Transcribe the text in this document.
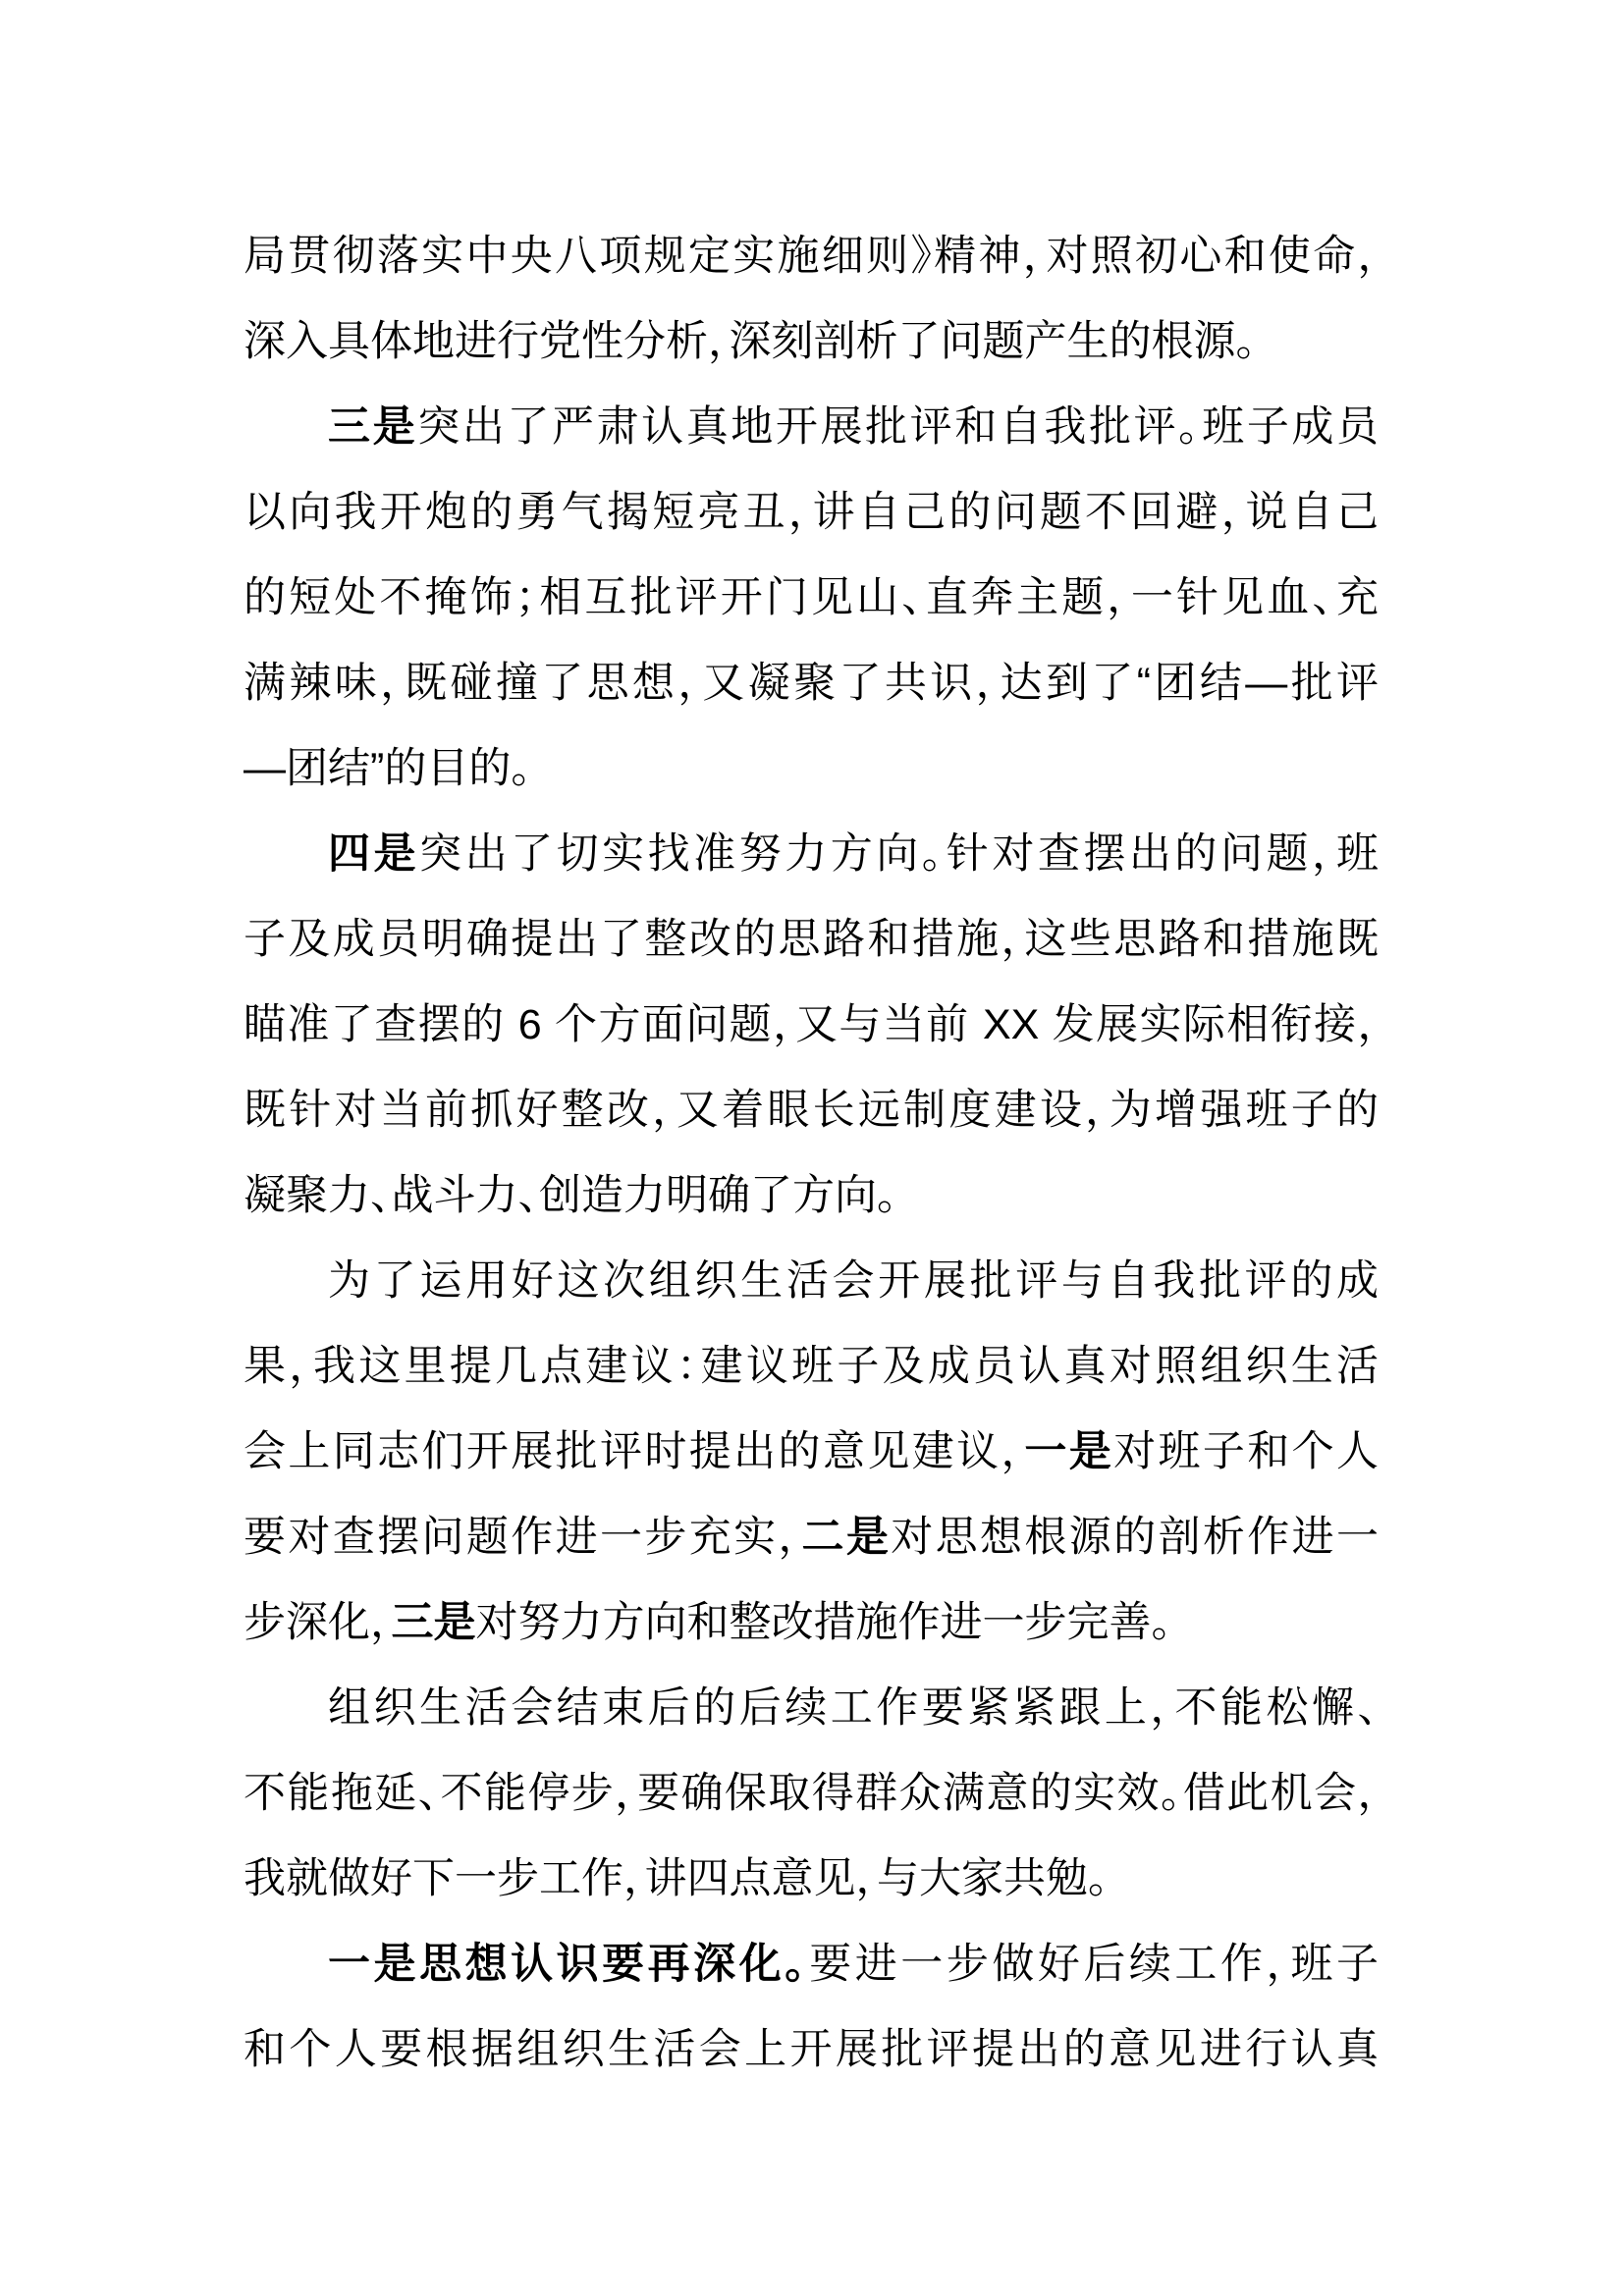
局贯彻落实中央八项规定实施细则》精神，对照初心和使命，
深入具体地进行党性分析，深刻剖析了问题产生的根源。
三是突出了严肃认真地开展批评和自我批评。班子成员
以向我开炮的勇气揭短亮丑，讲自己的问题不回避，说自己
的短处不掩饰；相互批评开门见山、直奔主题，一针见血、充
满辣味，既碰撞了思想，又凝聚了共识，达到了“团结—批评
—团结”的目的。
四是突出了切实找准努力方向。针对查摆出的问题，班
子及成员明确提出了整改的思路和措施，这些思路和措施既
瞄准了查摆的 6 个方面问题，又与当前 XX 发展实际相衔接，
既针对当前抓好整改，又着眼长远制度建设，为增强班子的
凝聚力、战斗力、创造力明确了方向。
为了运用好这次组织生活会开展批评与自我批评的成
果，我这里提几点建议：建议班子及成员认真对照组织生活
会上同志们开展批评时提出的意见建议，一是对班子和个人
要对查摆问题作进一步充实，二是对思想根源的剖析作进一
步深化，三是对努力方向和整改措施作进一步完善。
组织生活会结束后的后续工作要紧紧跟上，不能松懈、
不能拖延、不能停步，要确保取得群众满意的实效。借此机会，
我就做好下一步工作，讲四点意见，与大家共勉。
一是思想认识要再深化。要进一步做好后续工作，班子
和个人要根据组织生活会上开展批评提出的意见进行认真
